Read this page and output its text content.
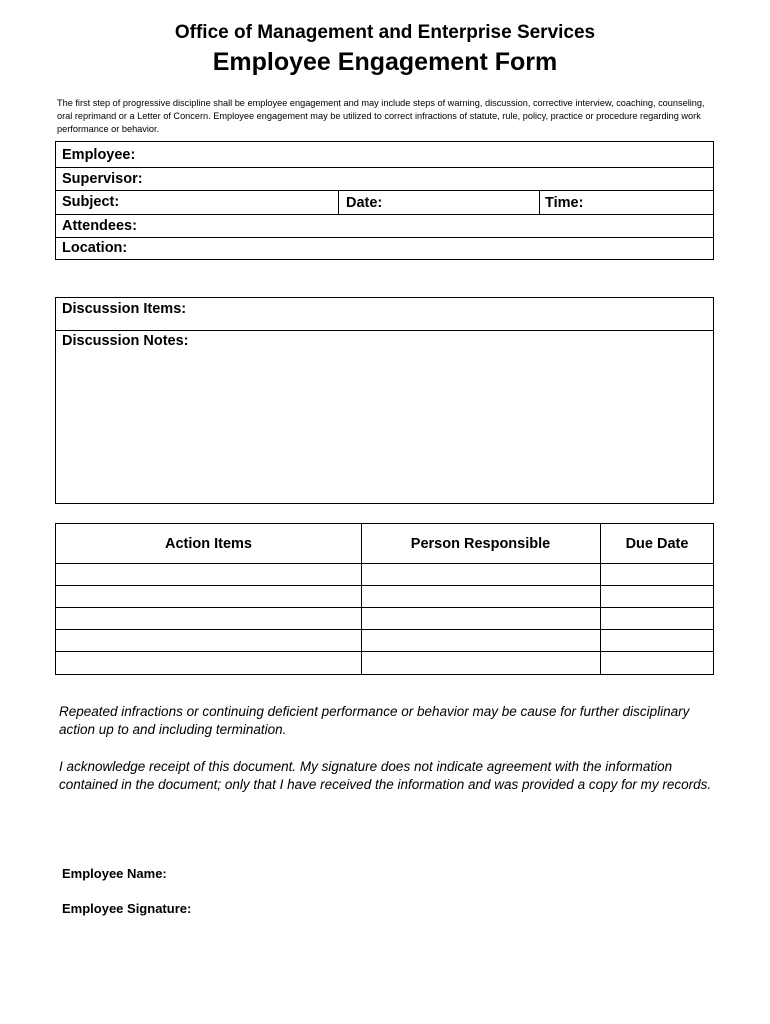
Office of Management and Enterprise Services
Employee Engagement Form
The first step of progressive discipline shall be employee engagement and may include steps of warning, discussion, corrective interview, coaching, counseling, oral reprimand or a Letter of Concern. Employee engagement may be utilized to correct infractions of statute, rule, policy, practice or procedure regarding work performance or behavior.
Employee:
Supervisor:
Subject:	Date:	Time:
Attendees:
Location:
Discussion Items:
Discussion Notes:
Action Items	Person Responsible	Due Date
Repeated infractions or continuing deficient performance or behavior may be cause for further disciplinary action up to and including termination.
I acknowledge receipt of this document. My signature does not indicate agreement with the information contained in the document; only that I have received the information and was provided a copy for my records.
Employee Name:
Employee Signature:
